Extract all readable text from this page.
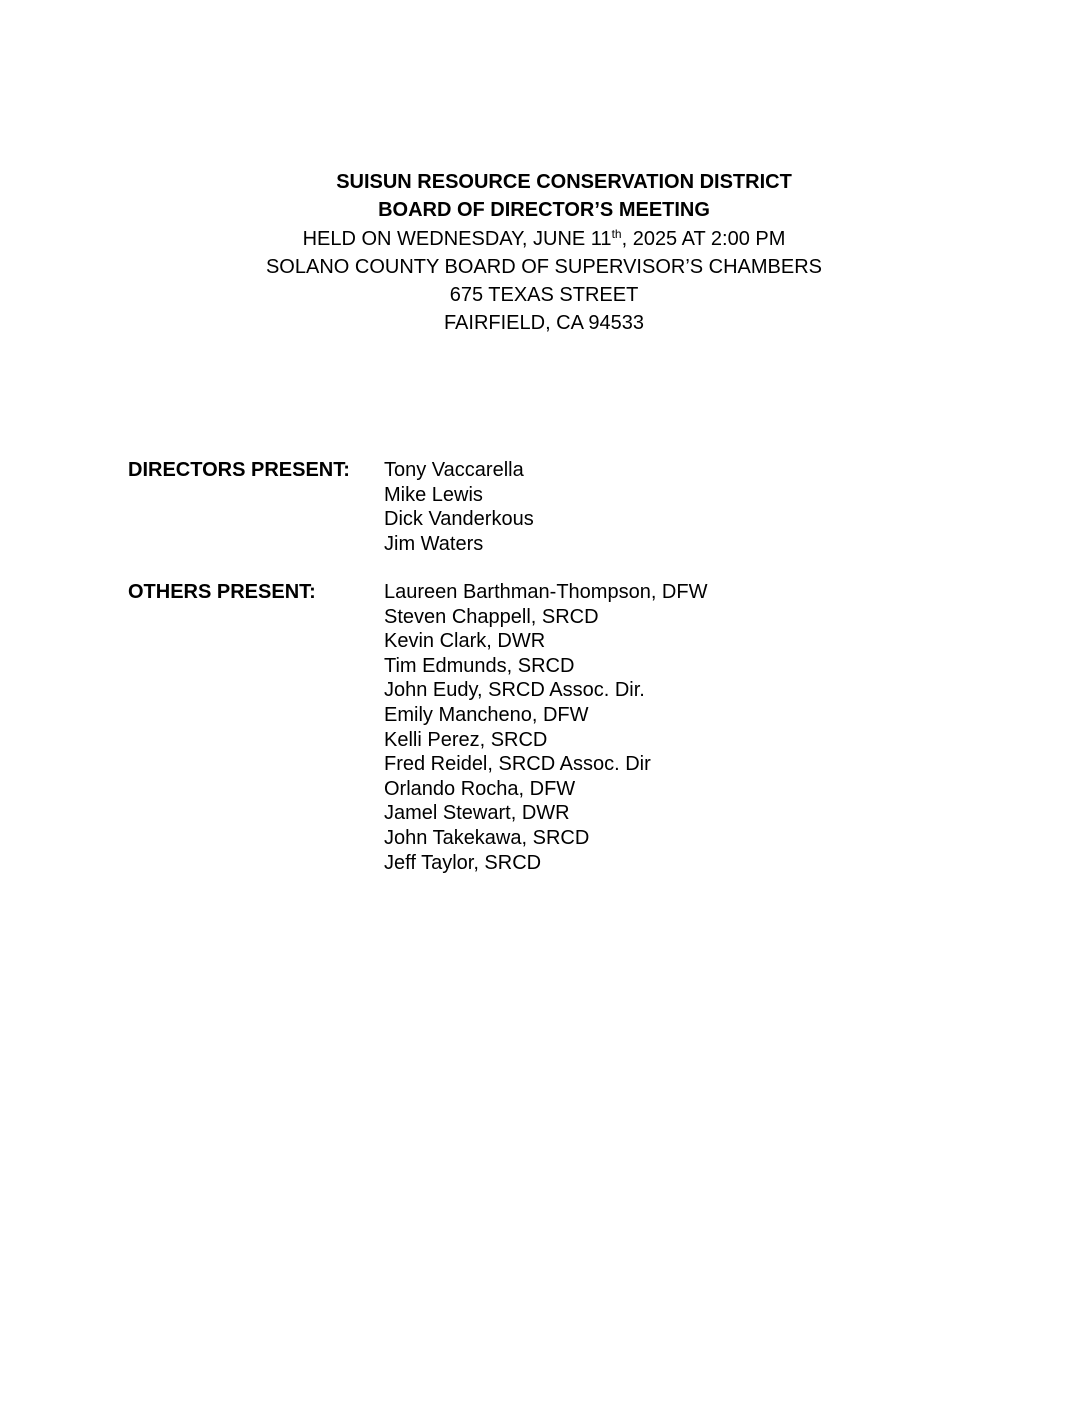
SUISUN RESOURCE CONSERVATION DISTRICT
BOARD OF DIRECTOR’S MEETING
HELD ON WEDNESDAY, JUNE 11th, 2025 AT 2:00 PM
SOLANO COUNTY BOARD OF SUPERVISOR’S CHAMBERS
675 TEXAS STREET
FAIRFIELD, CA 94533
DIRECTORS PRESENT: Tony Vaccarella
Mike Lewis
Dick Vanderkous
Jim Waters
OTHERS PRESENT:	Laureen Barthman-Thompson, DFW
Steven Chappell, SRCD
Kevin Clark, DWR
Tim Edmunds, SRCD
John Eudy, SRCD Assoc. Dir.
Emily Mancheno, DFW
Kelli Perez, SRCD
Fred Reidel, SRCD Assoc. Dir
Orlando Rocha, DFW
Jamel Stewart, DWR
John Takekawa, SRCD
Jeff Taylor, SRCD
